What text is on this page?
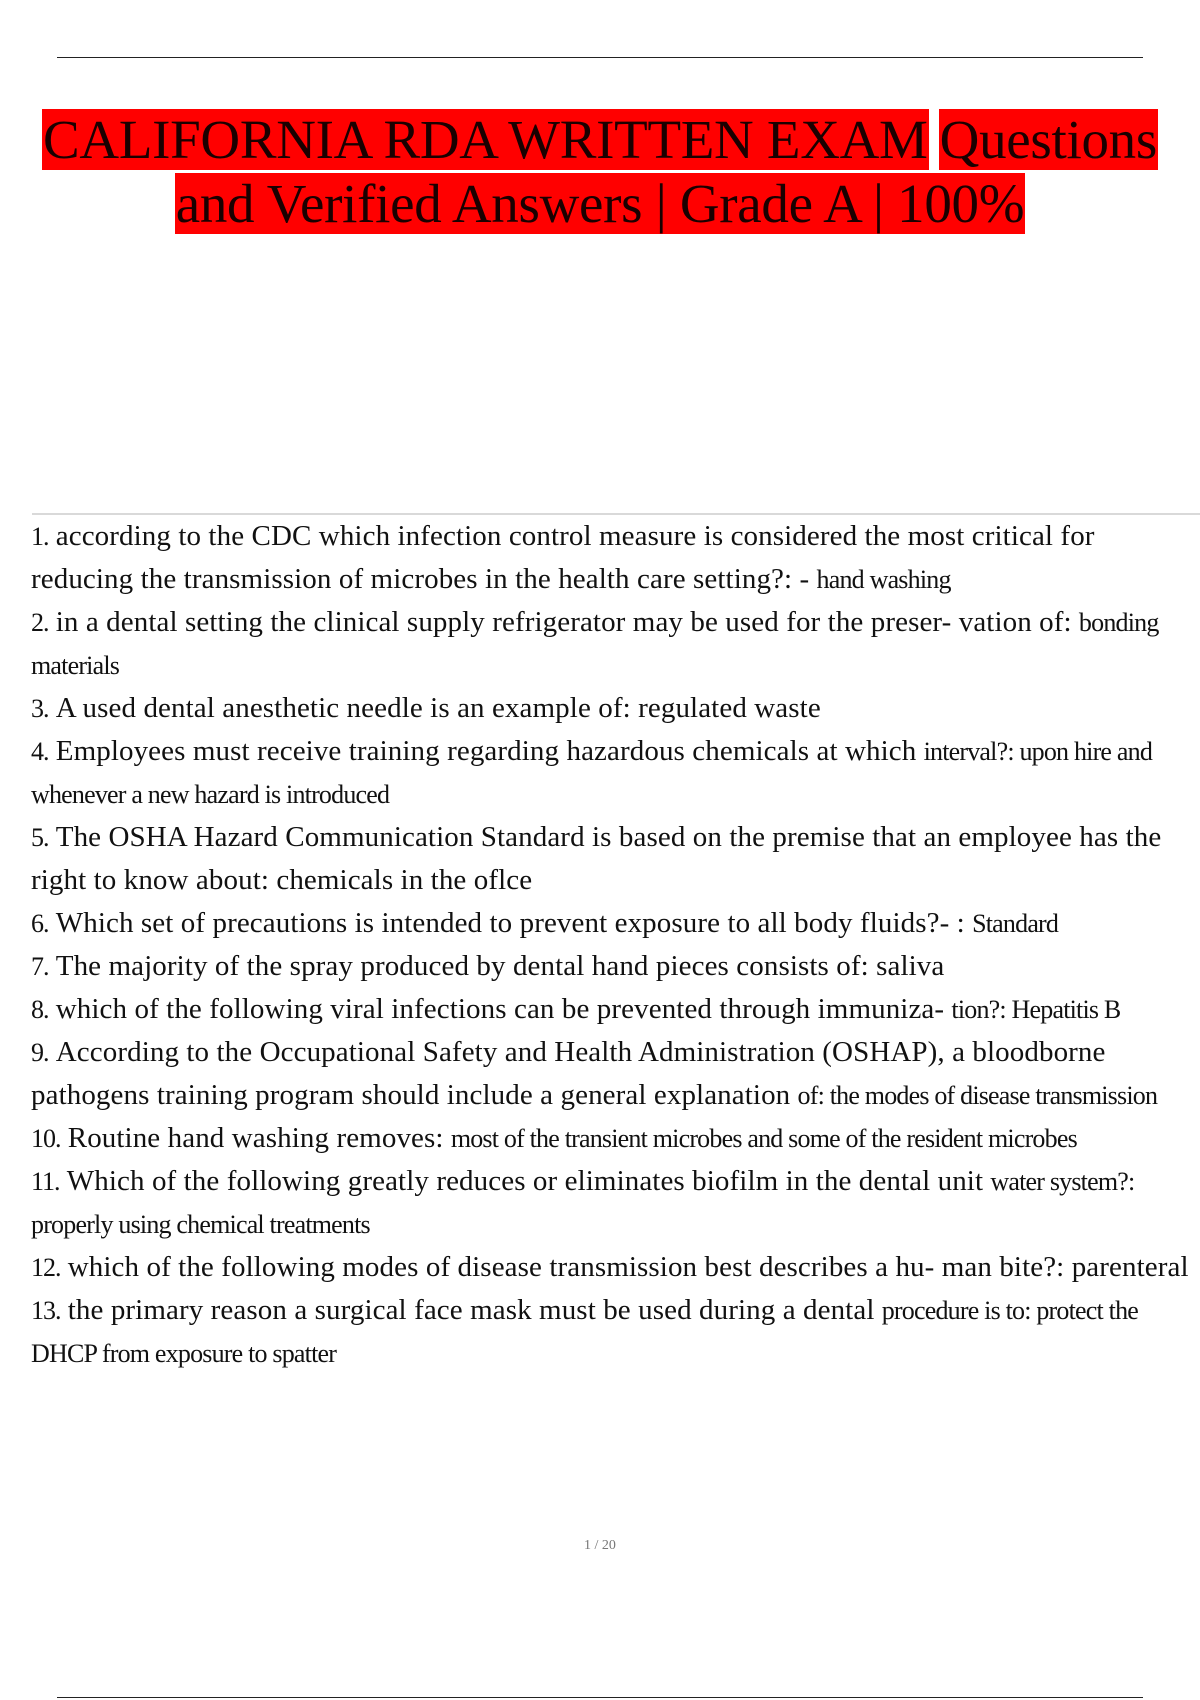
CALIFORNIA RDA WRITTEN EXAM Questions
and Verified Answers | Grade A | 100%
1. according to the CDC which infection control measure is considered the most critical for reducing the transmission of microbes in the health care setting?: - hand washing
2. in a dental setting the clinical supply refrigerator may be used for the preser- vation of: bonding materials
3. A used dental anesthetic needle is an example of: regulated waste
4. Employees must receive training regarding hazardous chemicals at which interval?: upon hire and whenever a new hazard is introduced
5. The OSHA Hazard Communication Standard is based on the premise that an employee has the right to know about: chemicals in the oflce
6. Which set of precautions is intended to prevent exposure to all body fluids?- : Standard
7. The majority of the spray produced by dental hand pieces consists of: saliva
8. which of the following viral infections can be prevented through immuniza- tion?: Hepatitis B
9. According to the Occupational Safety and Health Administration (OSHAP), a bloodborne pathogens training program should include a general explanation of: the modes of disease transmission
10. Routine hand washing removes: most of the transient microbes and some of the resident microbes
11. Which of the following greatly reduces or eliminates biofilm in the dental unit water system?: properly using chemical treatments
12. which of the following modes of disease transmission best describes a hu- man bite?: parenteral
13. the primary reason a surgical face mask must be used during a dental procedure is to: protect the DHCP from exposure to spatter
1 / 20
